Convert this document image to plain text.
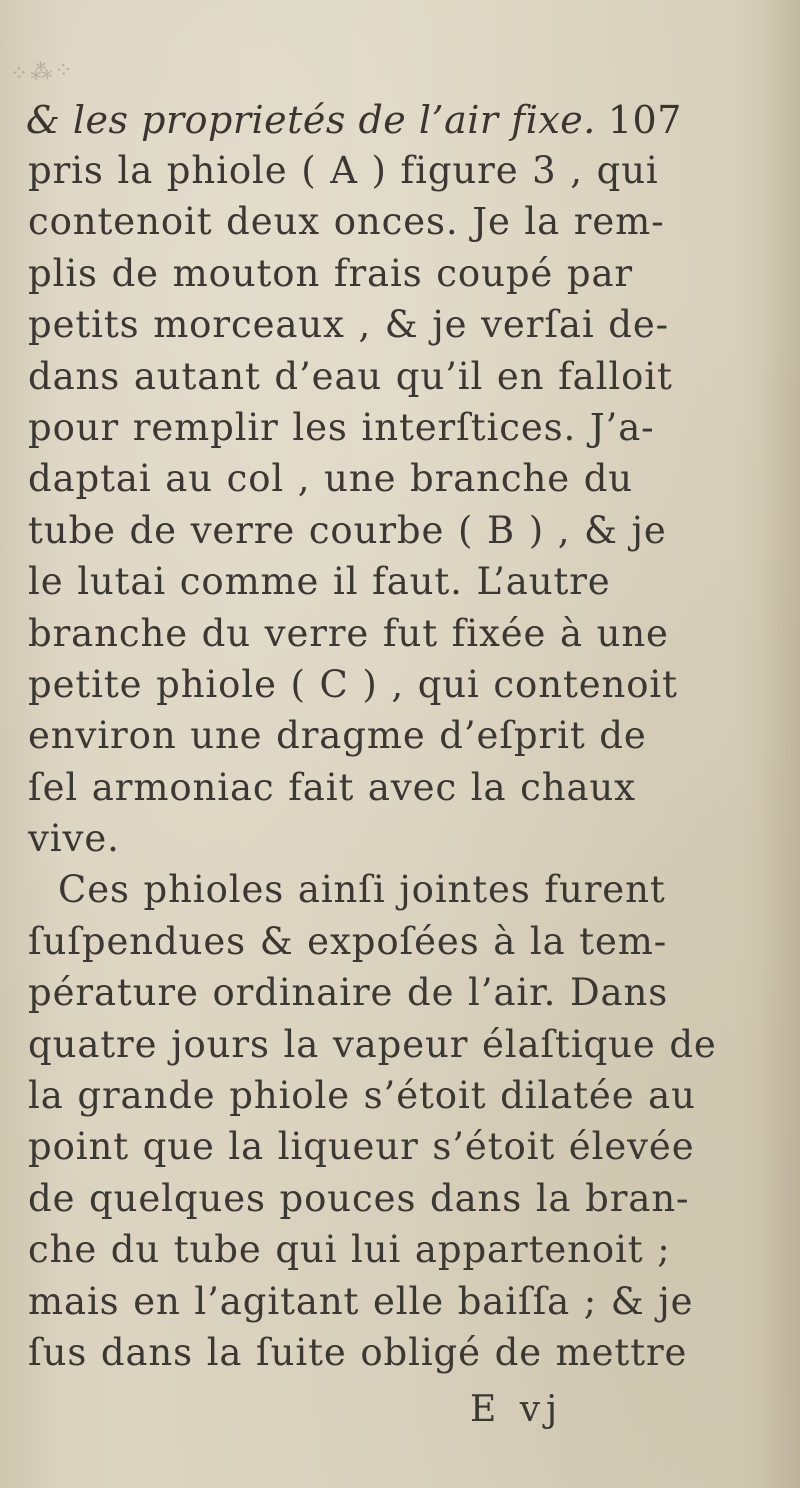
⁘⁂⁘
& les proprietés de l’air fixe. 107
pris la phiole ( A ) figure 3 , qui
contenoit deux onces. Je la rem-
plis de mouton frais coupé par
petits morceaux , & je verſai de-
dans autant d’eau qu’il en falloit
pour remplir les interſtices. J’a-
daptai au col , une branche du
tube de verre courbe ( B ) , & je
le lutai comme il faut. L’autre
branche du verre fut fixée à une
petite phiole ( C ) , qui contenoit
environ une dragme d’eſprit de
ſel armoniac fait avec la chaux
vive.
Ces phioles ainſi jointes furent
ſuſpendues & expoſées à la tem-
pérature ordinaire de l’air. Dans
quatre jours la vapeur élaſtique de
la grande phiole s’étoit dilatée au
point que la liqueur s’étoit élevée
de quelques pouces dans la bran-
che du tube qui lui appartenoit ;
mais en l’agitant elle baiſſa ; & je
ſus dans la ſuite obligé de mettre
E vj
